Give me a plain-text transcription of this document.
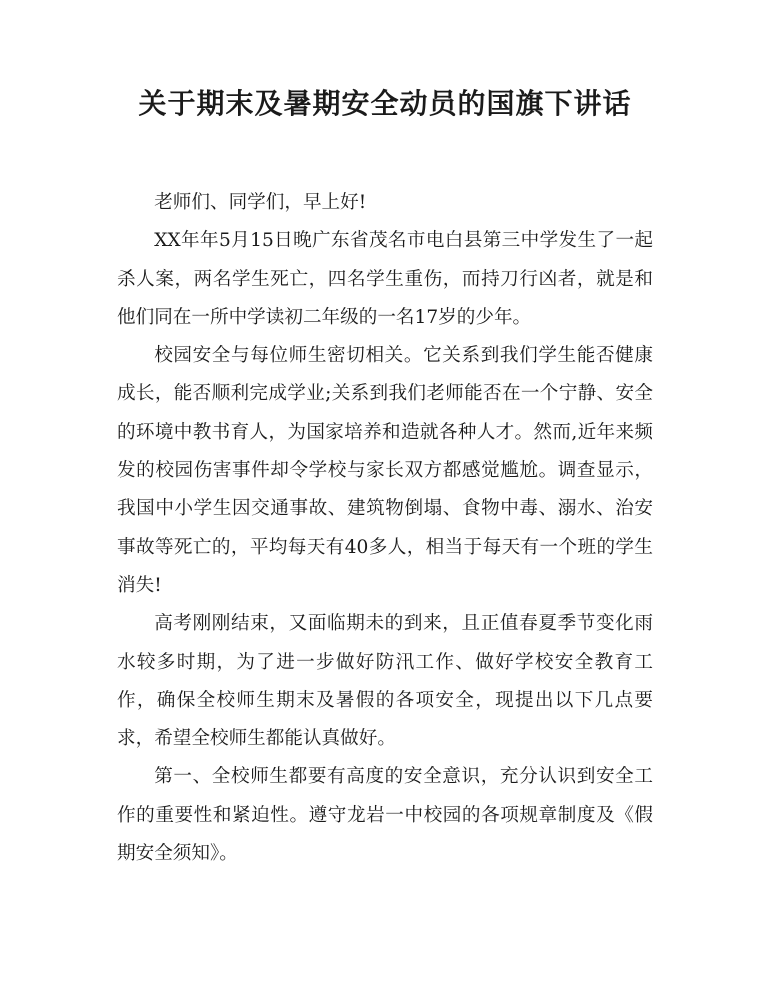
关于期末及暑期安全动员的国旗下讲话

老师们、同学们，早上好!

XX年年5月15日晚广东省茂名市电白县第三中学发生了一起杀人案，两名学生死亡，四名学生重伤，而持刀行凶者，就是和他们同在一所中学读初二年级的一名17岁的少年。

校园安全与每位师生密切相关。它关系到我们学生能否健康成长，能否顺利完成学业;关系到我们老师能否在一个宁静、安全的环境中教书育人，为国家培养和造就各种人才。然而,近年来频发的校园伤害事件却令学校与家长双方都感觉尴尬。调查显示，我国中小学生因交通事故、建筑物倒塌、食物中毒、溺水、治安事故等死亡的，平均每天有40多人，相当于每天有一个班的学生消失!

高考刚刚结束，又面临期未的到来，且正值春夏季节变化雨水较多时期，为了进一步做好防汛工作、做好学校安全教育工作，确保全校师生期末及暑假的各项安全，现提出以下几点要求，希望全校师生都能认真做好。

第一、全校师生都要有高度的安全意识，充分认识到安全工作的重要性和紧迫性。遵守龙岩一中校园的各项规章制度及《假期安全须知》。
